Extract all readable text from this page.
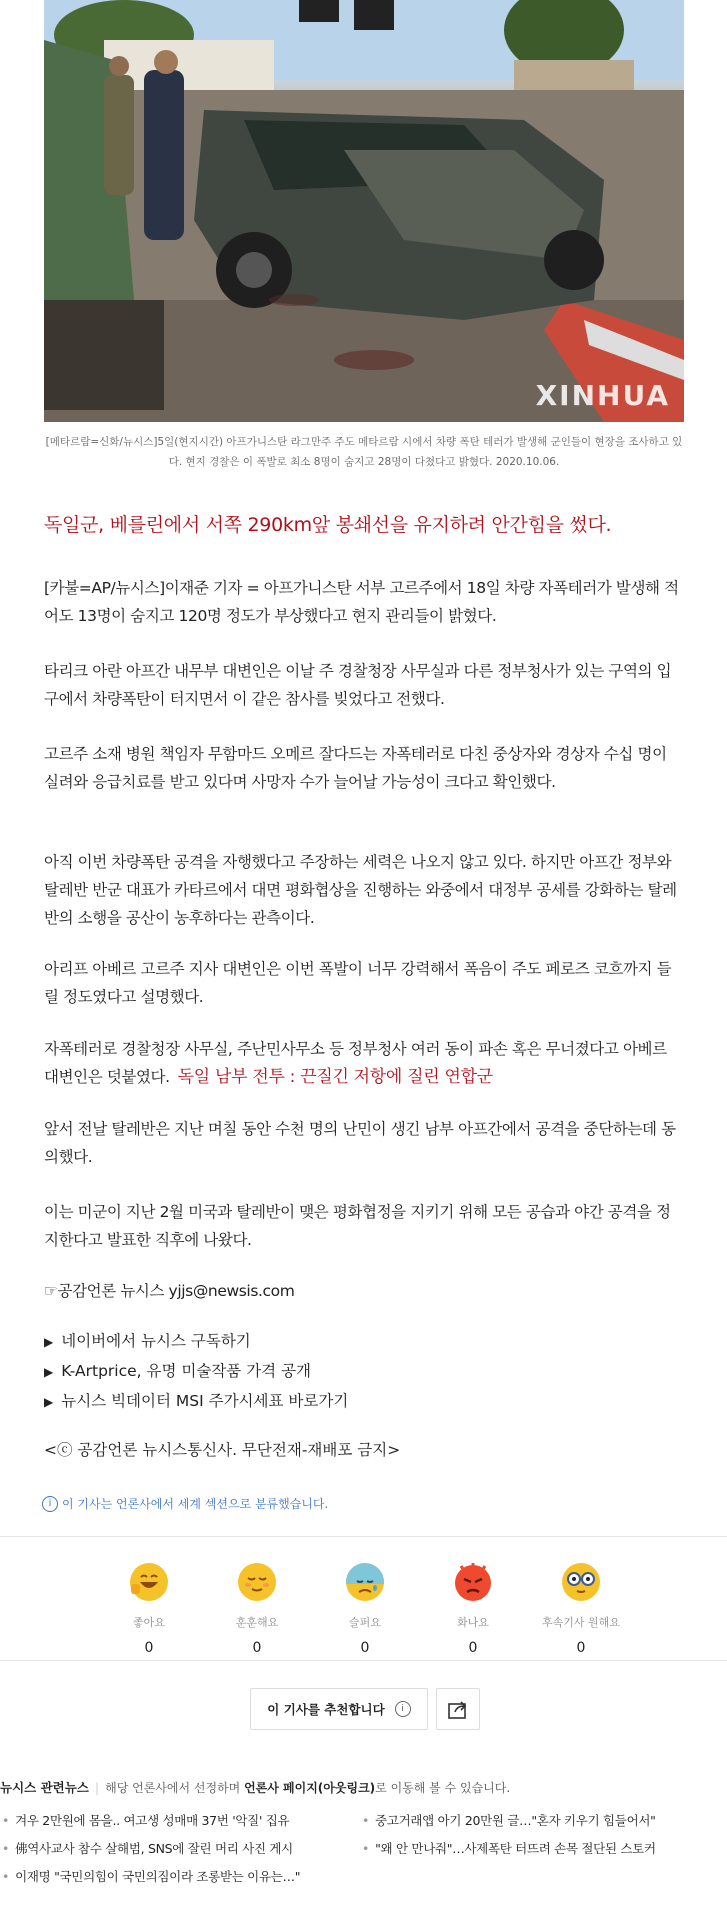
XINHUA
[메타르람=신화/뉴시스]5일(현지시간) 아프가니스탄 라그만주 주도 메타르람 시에서 차량 폭탄 테러가 발생해 군인들이 현장을 조사하고 있다. 현지 경찰은 이 폭발로 최소 8명이 숨지고 28명이 다쳤다고 밝혔다. 2020.10.06.
독일군, 베를린에서 서쪽 290km앞 봉쇄선을 유지하려 안간힘을 썼다.
[카불=AP/뉴시스]이재준 기자 = 아프가니스탄 서부 고르주에서 18일 차량 자폭테러가 발생해 적어도 13명이 숨지고 120명 정도가 부상했다고 현지 관리들이 밝혔다.
타리크 아란 아프간 내무부 대변인은 이날 주 경찰청장 사무실과 다른 정부청사가 있는 구역의 입구에서 차량폭탄이 터지면서 이 같은 참사를 빚었다고 전했다.
고르주 소재 병원 책임자 무함마드 오메르 잘다드는 자폭테러로 다친 중상자와 경상자 수십 명이 실려와 응급치료를 받고 있다며 사망자 수가 늘어날 가능성이 크다고 확인했다.
아직 이번 차량폭탄 공격을 자행했다고 주장하는 세력은 나오지 않고 있다. 하지만 아프간 정부와 탈레반 반군 대표가 카타르에서 대면 평화협상을 진행하는 와중에서 대정부 공세를 강화하는 탈레반의 소행을 공산이 농후하다는 관측이다.
아리프 아베르 고르주 지사 대변인은 이번 폭발이 너무 강력해서 폭음이 주도 페로즈 코흐까지 들릴 정도였다고 설명했다.
자폭테러로 경찰청장 사무실, 주난민사무소 등 정부청사 여러 동이 파손 혹은 무너졌다고 아베르 대변인은 덧붙였다. 독일 남부 전투 : 끈질긴 저항에 질린 연합군
앞서 전날 탈레반은 지난 며칠 동안 수천 명의 난민이 생긴 남부 아프간에서 공격을 중단하는데 동의했다.
이는 미군이 지난 2월 미국과 탈레반이 맺은 평화협정을 지키기 위해 모든 공습과 야간 공격을 정지한다고 발표한 직후에 나왔다.
☞공감언론 뉴시스 yjjs@newsis.com
▶ 네이버에서 뉴시스 구독하기
▶ K-Artprice, 유명 미술작품 가격 공개
▶ 뉴시스 빅데이터 MSI 주가시세표 바로가기
<ⓒ 공감언론 뉴시스통신사. 무단전재-재배포 금지>
i 이 기사는 언론사에서 세계 섹션으로 분류했습니다.
좋아요
0
훈훈해요
0
슬퍼요
0
화나요
0
후속기사 원해요
0
이 기사를 추천합니다	i
뉴시스 관련뉴스 | 해당 언론사에서 선정하며 언론사 페이지(아웃링크)로 이동해 볼 수 있습니다.
• 겨우 2만원에 몸을.. 여고생 성매매 37번 '악질' 집유	• 중고거래앱 아기 20만원 글…"혼자 키우기 힘들어서"
• 佛역사교사 참수 살해범, SNS에 잘린 머리 사진 게시	• "왜 안 만나줘"…사제폭탄 터뜨려 손목 절단된 스토커
• 이재명 "국민의힘이 국민의짐이라 조롱받는 이유는…"
